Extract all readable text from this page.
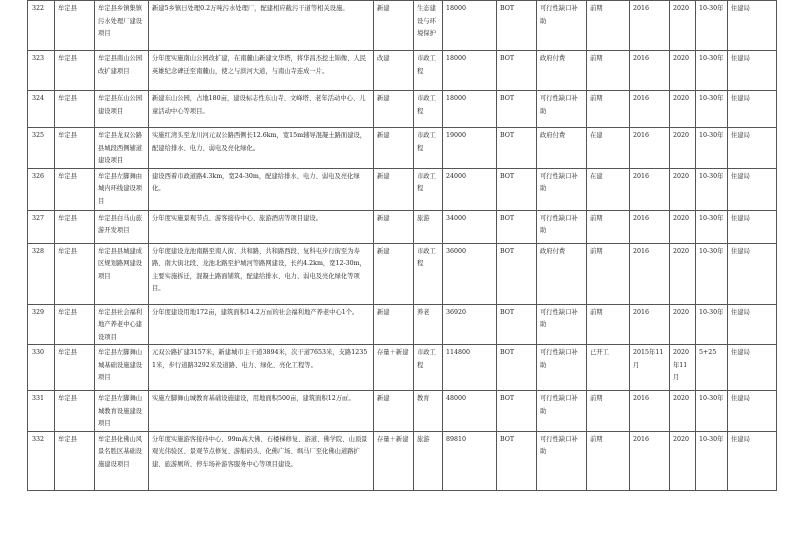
322	牟定县	牟定县乡镇集镇污水处理厂建设项目	新建5乡镇日处理0.2万吨污水处理厂，配建相应截污干道等相关设施。	新建	生态建设与环境保护	18000	BOT	可行性缺口补助	前期	2016	2020	10-30年	住建局
323	牟定县	牟定县南山公园改扩建项目	分年度实施南山公园改扩建，在南麓山新建文华塔，将华昌杰挖土锦像、人民英雄纪念碑迁至南麓山，使之与滨河大道，与南山寺连成一片。	改建	市政工程	18000	BOT	政府付费	前期	2016	2020	10-30年	住建局
324	牟定县	牟定县东山公园建设项目	新建东山公园，占地180亩，建设标志性东山寺、文峰塔、老年活动中心、儿童活动中心等项目。	新建	市政工程	18000	BOT	可行性缺口补助	前期	2016	2020	10-30年	住建局
325	牟定县	牟定县龙双公路县城段西侧辅道建设项目	实施红湾头至龙川河元双公路西侧长12.6km，宽15m辅导混凝土路面建设，配建给排水、电力、弱电及亮化绿化。	新建	市政工程	19000	BOT	政府付费	在建	2016	2020	10-30年	住建局
326	牟定县	牟定县左脚舞由城内环线建设项目	建设西着市政道路4.3km，宽24-30m，配建给排水、电力、弱电及亮化绿化。	新建	市政工程	24000	BOT	可行性缺口补助	在建	2016	2020	10-30年	住建局
327	牟定县	牟定县白马山旅游开发项目	分年度实施景观节点、游客接待中心、旅游酒店等项目建设。	新建	旅游	34000	BOT	可行性缺口补助	前期	2016	2020	10-30年	住建局
328	牟定县	牟定县县城建成区规划路网建设项目	分年度建设龙池南路至南人街、共和路、共和路西段、复科屯步行街至为寿路、南大街北段、龙池北路至护城河等路网建设，长约4.2km，宽12-30m，主要实施拆迁，混凝土路面铺筑，配建给排水、电力、弱电及亮化绿化等项目。	新建	市政工程	36000	BOT	政府付费	前期	2016	2020	10-30年	住建局
329	牟定县	牟定县社会福利地产养老中心建设项目	分年度建设用地172亩，建筑面积14.2万㎡的社会福利地产养老中心1个。	新建	养老	36920	BOT	可行性缺口补助	前期	2016	2020	10-30年	住建局
330	牟定县	牟定县左脚舞山城基础设施建设项目	元双公路扩建3157米，新建城市主干道3894米，次干道7653米，支路12351米，步行道路3292米及道路、电力、绿化、亮化工程等。	存量＋新建	市政工程	114800	BOT	可行性缺口补助	已开工	2015年11月	2020年11月	5+25	住建局
331	牟定县	牟定县左脚舞山城教育设施建设项目	实施左脚舞山城教育基础设施建设，用地面积500亩，建筑面积12万㎡。	新建	教育	48000	BOT	可行性缺口补助	前期	2016	2020	10-30年	住建局
332	牟定县	牟定县化佛山风景名胜区基础设施建设项目	分年度实施游客接待中心、99m高大佛、石楼梯修复、游道、佛学院、山顶景观光伟验区、景观节点修复、游船码头、化佛广场、飒马厂至化佛山道路扩建、旅游厕所、停车场补游客服务中心等项目建设。	存量＋新建	旅游	89810	BOT	可行性缺口补助	前期	2016	2020	10-30年	住建局
